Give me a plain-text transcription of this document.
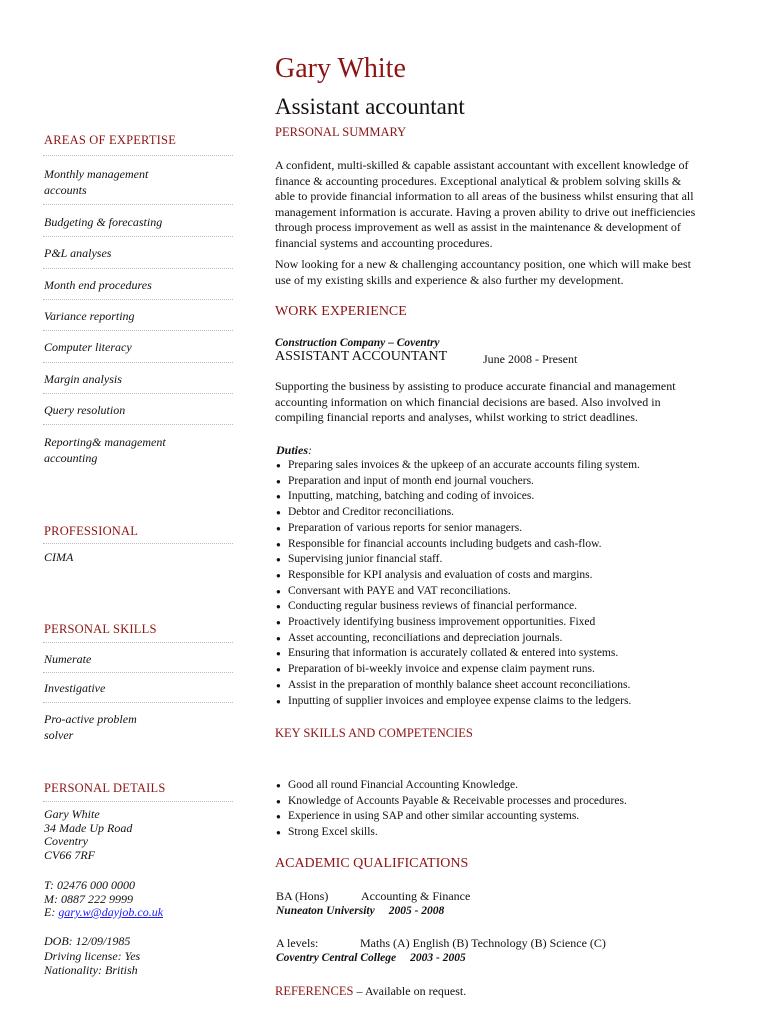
Gary White
Assistant accountant
AREAS OF EXPERTISE
Monthly management
accounts
Budgeting & forecasting
P&L analyses
Month end procedures
Variance reporting
Computer literacy
Margin analysis
Query resolution
Reporting& management
accounting
PROFESSIONAL
CIMA
PERSONAL SKILLS
Numerate
Investigative
Pro-active problem
solver
PERSONAL DETAILS
Gary White
34 Made Up Road
Coventry
CV66 7RF
T: 02476 000 0000
M: 0887 222 9999
E: gary.w@dayjob.co.uk
DOB: 12/09/1985
Driving license: Yes
Nationality: British
PERSONAL SUMMARY
A confident, multi-skilled & capable assistant accountant with excellent knowledge of
finance & accounting procedures. Exceptional analytical & problem solving skills &
able to provide financial information to all areas of the business whilst ensuring that all
management information is accurate. Having a proven ability to drive out inefficiencies
through process improvement as well as assist in the maintenance & development of
financial systems and accounting procedures.
Now looking for a new & challenging accountancy position, one which will make best
use of my existing skills and experience & also further my development.
WORK EXPERIENCE
Construction Company – Coventry
ASSISTANT ACCOUNTANT	June 2008 - Present
Supporting the business by assisting to produce accurate financial and management
accounting information on which financial decisions are based. Also involved in
compiling financial reports and analyses, whilst working to strict deadlines.
Duties:
● Preparing sales invoices & the upkeep of an accurate accounts filing system.
● Preparation and input of month end journal vouchers.
● Inputting, matching, batching and coding of invoices.
● Debtor and Creditor reconciliations.
● Preparation of various reports for senior managers.
● Responsible for financial accounts including budgets and cash-flow.
● Supervising junior financial staff.
● Responsible for KPI analysis and evaluation of costs and margins.
● Conversant with PAYE and VAT reconciliations.
● Conducting regular business reviews of financial performance.
● Proactively identifying business improvement opportunities. Fixed
● Asset accounting, reconciliations and depreciation journals.
● Ensuring that information is accurately collated & entered into systems.
● Preparation of bi-weekly invoice and expense claim payment runs.
● Assist in the preparation of monthly balance sheet account reconciliations.
● Inputting of supplier invoices and employee expense claims to the ledgers.
KEY SKILLS AND COMPETENCIES
● Good all round Financial Accounting Knowledge.
● Knowledge of Accounts Payable & Receivable processes and procedures.
● Experience in using SAP and other similar accounting systems.
● Strong Excel skills.
ACADEMIC QUALIFICATIONS
BA (Hons)	Accounting & Finance
Nuneaton University 2005 - 2008
A levels:	Maths (A) English (B) Technology (B) Science (C)
Coventry Central College 2003 - 2005
REFERENCES – Available on request.
